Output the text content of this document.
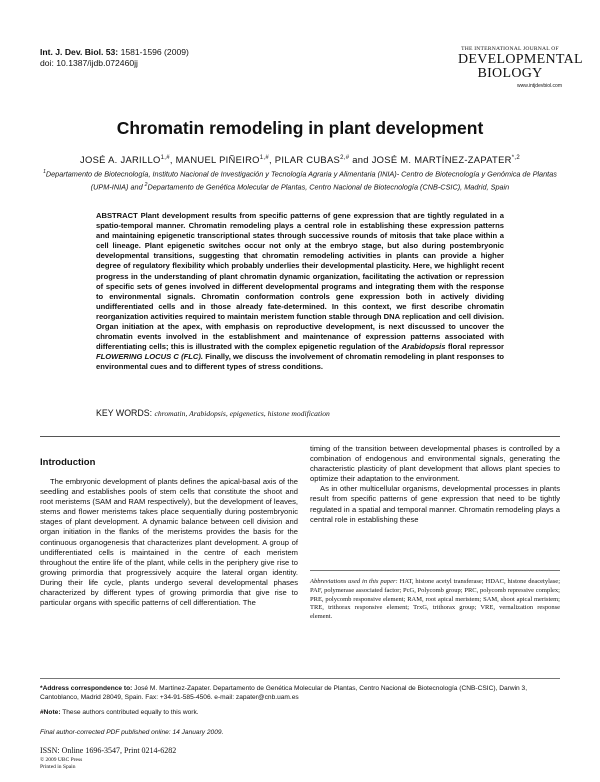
Int. J. Dev. Biol. 53: 1581-1596 (2009)
doi: 10.1387/ijdb.072460jj
THE INTERNATIONAL JOURNAL OF
DEVELOPMENTAL
BIOLOGY
www.intjdevbiol.com
Chromatin remodeling in plant development
JOSÉ A. $JARILLO^{1,\#}$, MANUEL $PIÑEIRO^{1,\#}$, PILAR $CUBAS^{2,\#}$ and JOSÉ M. MARTÍNEZ-$ZAPATER^{*,2}$
$^1$Departamento de Biotecnología, Instituto Nacional de Investigación y Tecnología Agraria y Alimentaria (INIA)- Centro de Biotecnología y Genómica de Plantas (UPM-INIA) and $^2$Departamento de Genética Molecular de Plantas, Centro Nacional de Biotecnología (CNB-CSIC), Madrid, Spain
ABSTRACT Plant development results from specific patterns of gene expression that are tightly regulated in a spatio-temporal manner. Chromatin remodeling plays a central role in establishing these expression patterns and maintaining epigenetic transcriptional states through successive rounds of mitosis that take place within a cell lineage. Plant epigenetic switches occur not only at the embryo stage, but also during postembryonic developmental transitions, suggesting that chromatin remodeling activities in plants can provide a higher degree of regulatory flexibility which probably underlies their developmental plasticity. Here, we highlight recent progress in the understanding of plant chromatin dynamic organization, facilitating the activation or repression of specific sets of genes involved in different developmental programs and integrating them with the response to environmental signals. Chromatin conformation controls gene expression both in actively dividing undifferentiated cells and in those already fate-determined. In this context, we first describe chromatin reorganization activities required to maintain meristem function stable through DNA replication and cell division. Organ initiation at the apex, with emphasis on reproductive development, is next discussed to uncover the chromatin events involved in the establishment and maintenance of expression patterns associated with differentiating cells; this is illustrated with the complex epigenetic regulation of the Arabidopsis floral repressor FLOWERING LOCUS C (FLC). Finally, we discuss the involvement of chromatin remodeling in plant responses to environmental cues and to different types of stress conditions.
KEY WORDS: chromatin, Arabidopsis, epigenetics, histone modification
Introduction

The embryonic development of plants defines the apical-basal axis of the seedling and establishes pools of stem cells that constitute the shoot and root meristems (SAM and RAM respectively), but the development of leaves, stems and flower meristems takes place sequentially during postembryonic stages of plant development. A dynamic balance between cell division and organ initiation in the flanks of the meristems provides the basis for the continuous organogenesis that characterizes plant development. A group of undifferentiated cells is maintained in the centre of each meristem throughout the entire life of the plant, while cells in the periphery give rise to growing primordia that progressively acquire the lateral organ identity. During their life cycle, plants undergo several developmental phases characterized by different types of growing primordia that give rise to particular organs with specific patterns of cell differentiation. The

timing of the transition between developmental phases is controlled by a combination of endogenous and environmental signals, generating the characteristic plasticity of plant development that allows plant species to optimize their adaptation to the environment.

As in other multicellular organisms, developmental processes in plants result from specific patterns of gene expression that need to be tightly regulated in a spatial and temporal manner. Chromatin remodeling plays a central role in establishing these

Abbreviations used in this paper: HAT, histone acetyl transferase; HDAC, histone deacetylase; PAF, polymerase associated factor; PcG, Polycomb group; PRC, polycomb repressive complex; PRE, polycomb responsive element; RAM, root apical meristem; SAM, shoot apical meristem; TRE, trithorax responsive element; TrxG, trithorax group; VRE, vernalization response element.
*Address correspondence to: José M. Martínez-Zapater. Departamento de Genética Molecular de Plantas, Centro Nacional de Biotecnología (CNB-CSIC), Darwin 3, Cantoblanco, Madrid 28049, Spain. Fax: +34-91-585-4506. e-mail: zapater@cnb.uam.es
#Note: These authors contributed equally to this work.
Final author-corrected PDF published online: 14 January 2009.
ISSN: Online 1696-3547, Print 0214-6282
© 2009 UBC Press
Printed in Spain
